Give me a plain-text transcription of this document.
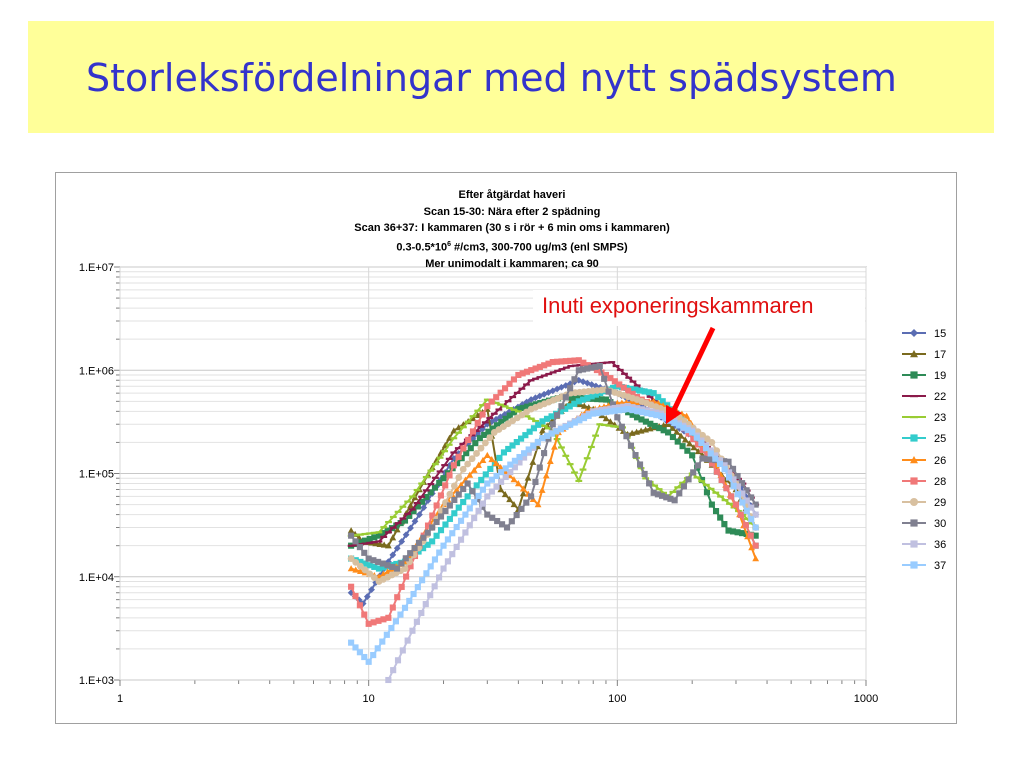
Storleksfördelningar med nytt spädsystem
1.E+03
1.E+04
1.E+05
1.E+06
1.E+07
1	10	100	1000
Efter åtgärdat haveri
Scan 15-30: Nära efter 2 spädning
Scan 36+37: I kammaren (30 s i rör + 6 min oms i kammaren)
$0.3-0.5*10^6$ #/cm3, 300-700 ug/m3 (enl SMPS)
Mer unimodalt i kammaren; ca 90
Inuti exponeringskammaren
15
17
19
22
23
25
26
28
29
30
36
37
